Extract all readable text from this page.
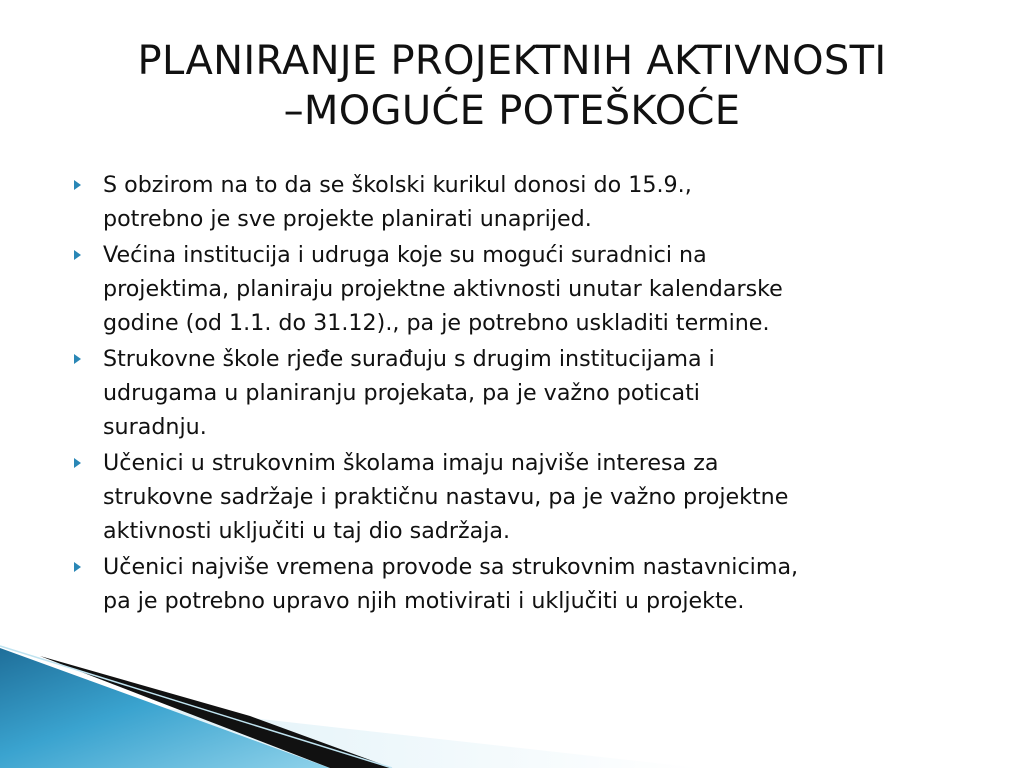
PLANIRANJE PROJEKTNIH AKTIVNOSTI
–MOGUĆE POTEŠKOĆE
S obzirom na to da se školski kurikul donosi do 15.9.,
potrebno je sve projekte planirati unaprijed.
Većina institucija i udruga koje su mogući suradnici na
projektima, planiraju projektne aktivnosti unutar kalendarske
godine (od 1.1. do 31.12)., pa je potrebno uskladiti termine.
Strukovne škole rjeđe surađuju s drugim institucijama i
udrugama u planiranju projekata, pa je važno poticati
suradnju.
Učenici u strukovnim školama imaju najviše interesa za
strukovne sadržaje i praktičnu nastavu, pa je važno projektne
aktivnosti uključiti u taj dio sadržaja.
Učenici najviše vremena provode sa strukovnim nastavnicima,
pa je potrebno upravo njih motivirati i uključiti u projekte.
